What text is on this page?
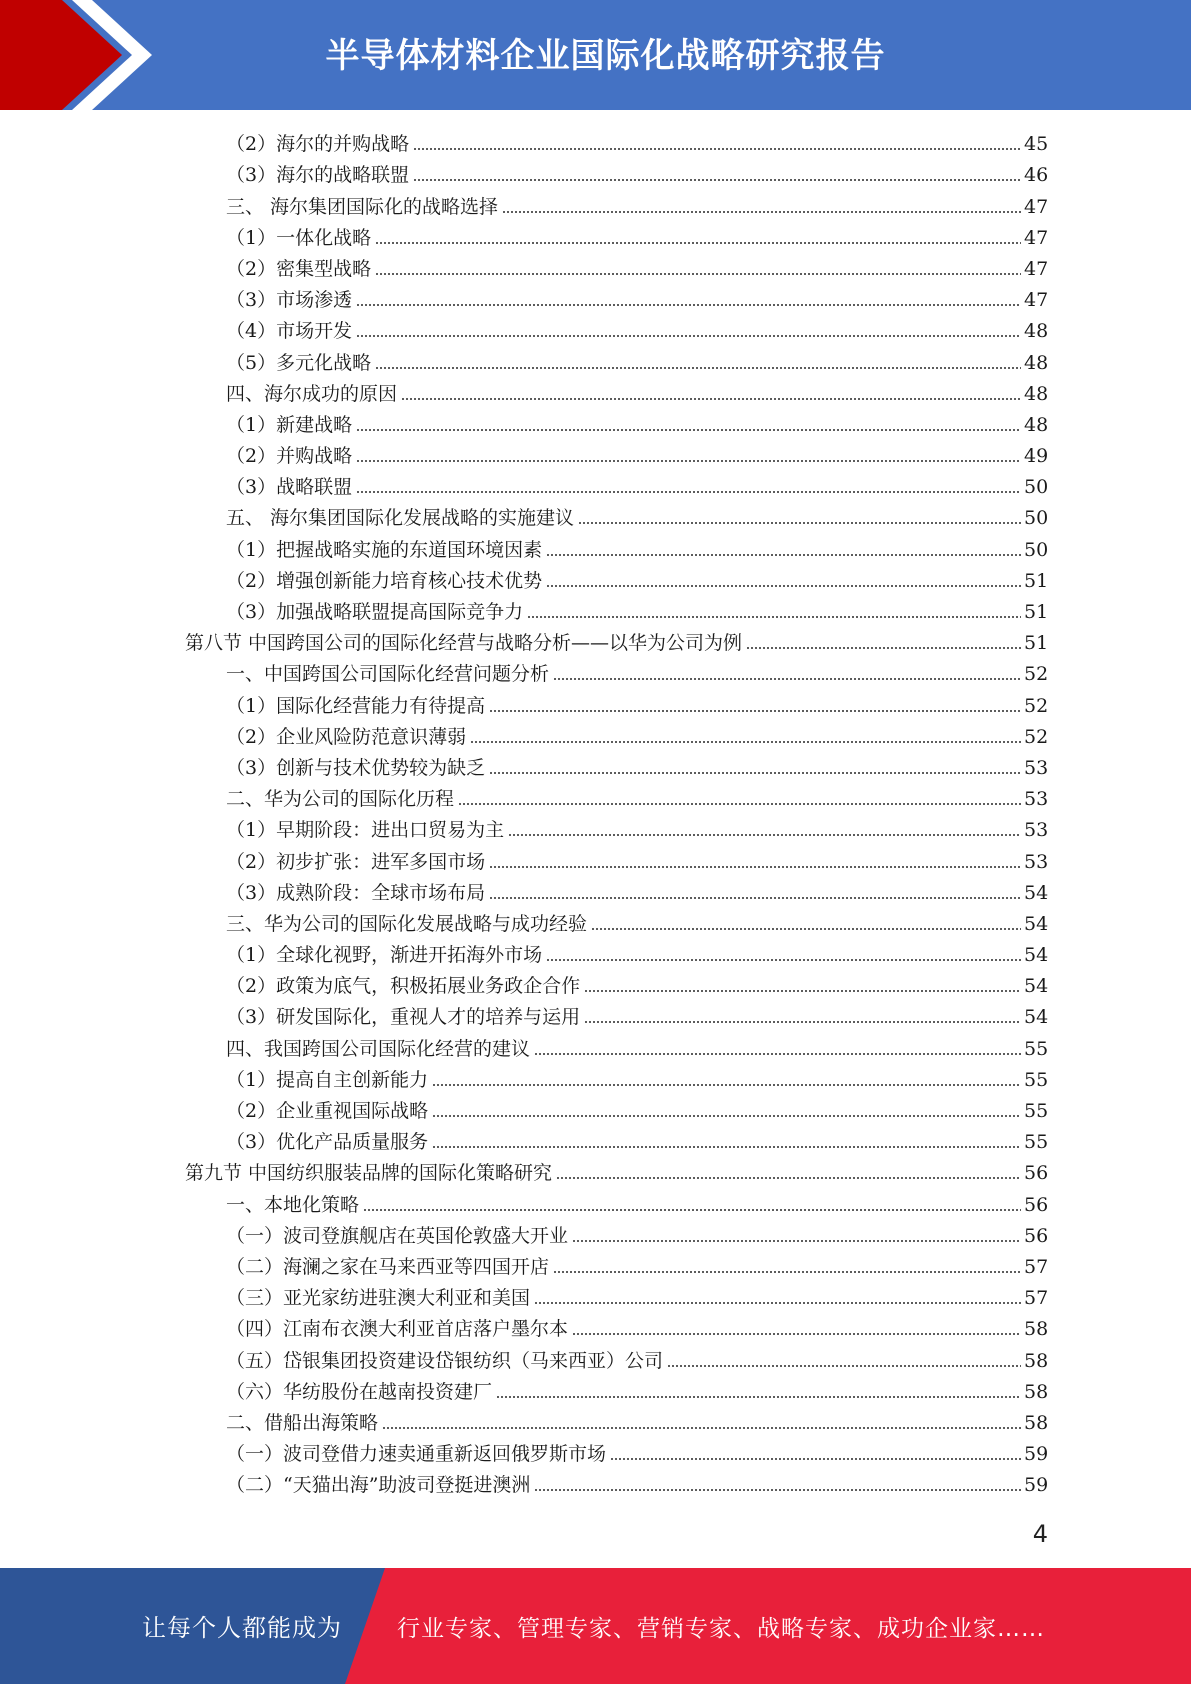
半导体材料企业国际化战略研究报告
（2）海尔的并购战略	45
（3）海尔的战略联盟	46
三、 海尔集团国际化的战略选择	47
（1）一体化战略	47
（2）密集型战略	47
（3）市场渗透	47
（4）市场开发	48
（5）多元化战略	48
四、海尔成功的原因	48
（1）新建战略	48
（2）并购战略	49
（3）战略联盟	50
五、 海尔集团国际化发展战略的实施建议	50
（1）把握战略实施的东道国环境因素	50
（2）增强创新能力培育核心技术优势	51
（3）加强战略联盟提高国际竞争力	51
第八节 中国跨国公司的国际化经营与战略分析——以华为公司为例	51
一、中国跨国公司国际化经营问题分析	52
（1）国际化经营能力有待提高	52
（2）企业风险防范意识薄弱	52
（3）创新与技术优势较为缺乏	53
二、华为公司的国际化历程	53
（1）早期阶段：进出口贸易为主	53
（2）初步扩张：进军多国市场	53
（3）成熟阶段：全球市场布局	54
三、华为公司的国际化发展战略与成功经验	54
（1）全球化视野，渐进开拓海外市场	54
（2）政策为底气，积极拓展业务政企合作	54
（3）研发国际化，重视人才的培养与运用	54
四、我国跨国公司国际化经营的建议	55
（1）提高自主创新能力	55
（2）企业重视国际战略	55
（3）优化产品质量服务	55
第九节 中国纺织服装品牌的国际化策略研究	56
一、本地化策略	56
（一）波司登旗舰店在英国伦敦盛大开业	56
（二）海澜之家在马来西亚等四国开店	57
（三）亚光家纺进驻澳大利亚和美国	57
（四）江南布衣澳大利亚首店落户墨尔本	58
（五）岱银集团投资建设岱银纺织（马来西亚）公司	58
（六）华纺股份在越南投资建厂	58
二、借船出海策略	58
（一）波司登借力速卖通重新返回俄罗斯市场	59
（二）“天猫出海”助波司登挺进澳洲	59
4
让每个人都能成为 行业专家、管理专家、营销专家、战略专家、成功企业家……
